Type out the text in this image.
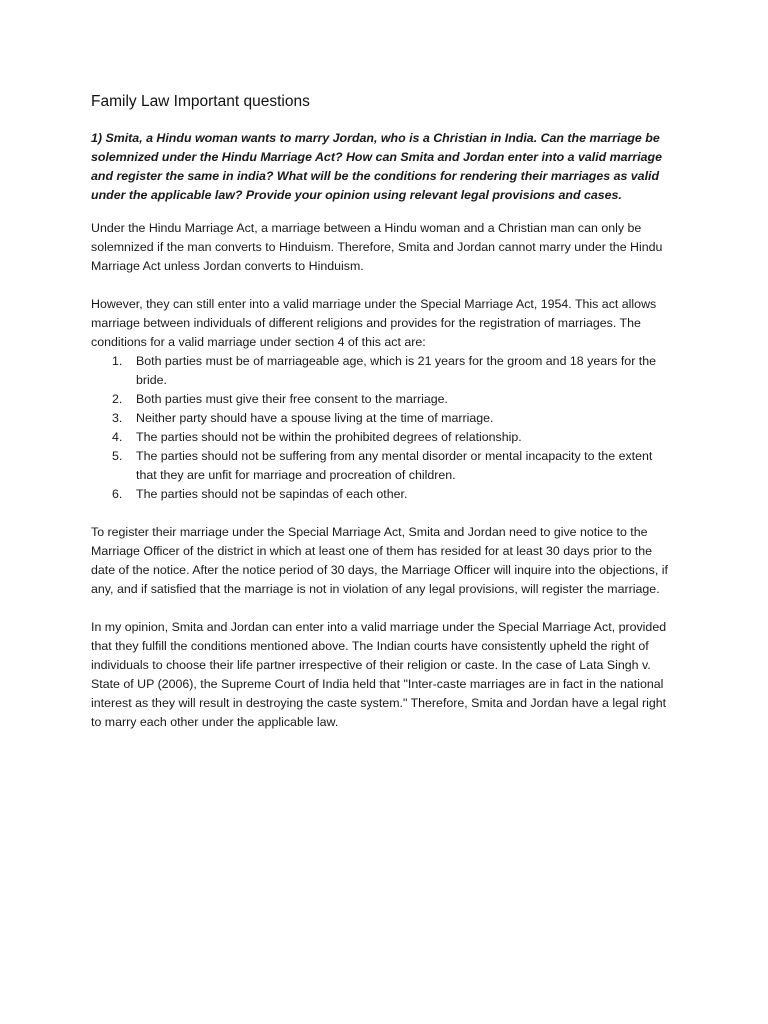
Family Law Important questions

1) Smita, a Hindu woman wants to marry Jordan, who is a Christian in India. Can the marriage be solemnized under the Hindu Marriage Act? How can Smita and Jordan enter into a valid marriage and register the same in india? What will be the conditions for rendering their marriages as valid under the applicable law? Provide your opinion using relevant legal provisions and cases.

Under the Hindu Marriage Act, a marriage between a Hindu woman and a Christian man can only be solemnized if the man converts to Hinduism. Therefore, Smita and Jordan cannot marry under the Hindu Marriage Act unless Jordan converts to Hinduism.

However, they can still enter into a valid marriage under the Special Marriage Act, 1954. This act allows marriage between individuals of different religions and provides for the registration of marriages. The conditions for a valid marriage under section 4 of this act are:

1.	Both parties must be of marriageable age, which is 21 years for the groom and 18 years for the bride.
2.	Both parties must give their free consent to the marriage.
3.	Neither party should have a spouse living at the time of marriage.
4.	The parties should not be within the prohibited degrees of relationship.
5.	The parties should not be suffering from any mental disorder or mental incapacity to the extent that they are unfit for marriage and procreation of children.
6.	The parties should not be sapindas of each other.

To register their marriage under the Special Marriage Act, Smita and Jordan need to give notice to the Marriage Officer of the district in which at least one of them has resided for at least 30 days prior to the date of the notice. After the notice period of 30 days, the Marriage Officer will inquire into the objections, if any, and if satisfied that the marriage is not in violation of any legal provisions, will register the marriage.

In my opinion, Smita and Jordan can enter into a valid marriage under the Special Marriage Act, provided that they fulfill the conditions mentioned above. The Indian courts have consistently upheld the right of individuals to choose their life partner irrespective of their religion or caste. In the case of Lata Singh v. State of UP (2006), the Supreme Court of India held that "Inter-caste marriages are in fact in the national interest as they will result in destroying the caste system." Therefore, Smita and Jordan have a legal right to marry each other under the applicable law.
